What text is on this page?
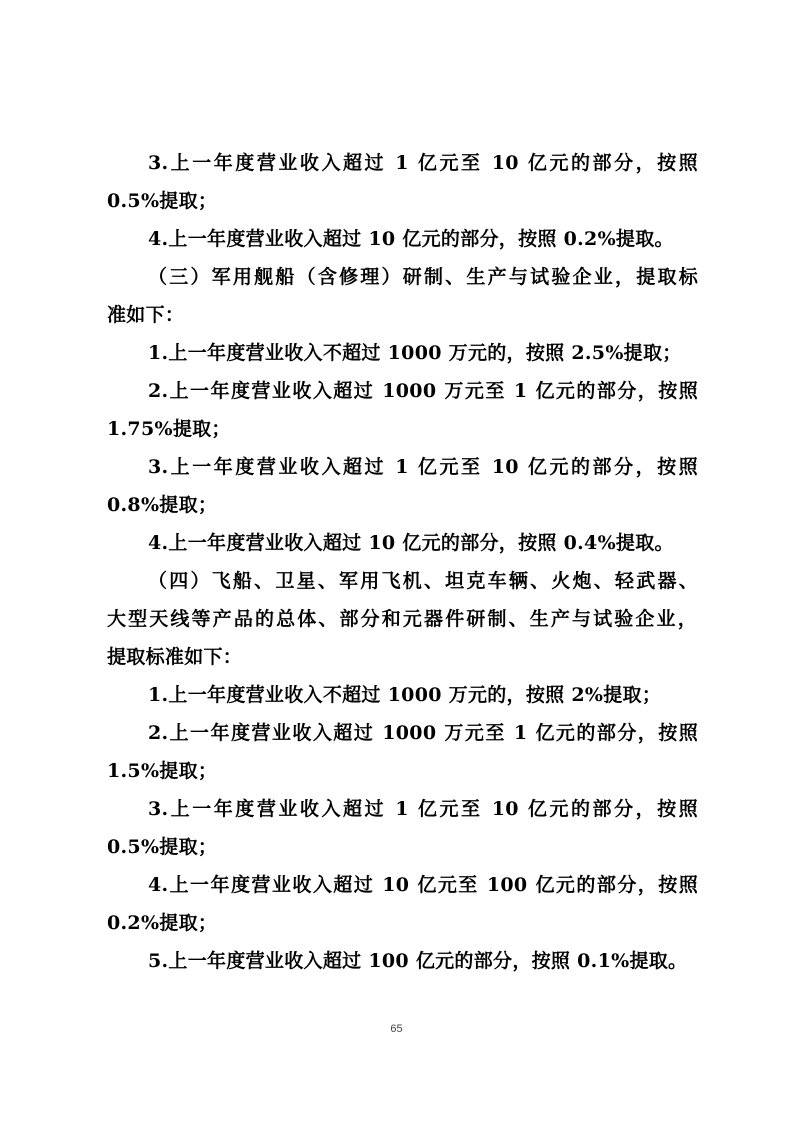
3.上一年度营业收入超过 1 亿元至 10 亿元的部分，按照
0.5%提取；
4.上一年度营业收入超过 10 亿元的部分，按照 0.2%提取。
（三）军用舰船（含修理）研制、生产与试验企业，提取标
准如下：
1.上一年度营业收入不超过 1000 万元的，按照 2.5%提取；
2.上一年度营业收入超过 1000 万元至 1 亿元的部分，按照
1.75%提取；
3.上一年度营业收入超过 1 亿元至 10 亿元的部分，按照
0.8%提取；
4.上一年度营业收入超过 10 亿元的部分，按照 0.4%提取。
（四）飞船、卫星、军用飞机、坦克车辆、火炮、轻武器、
大型天线等产品的总体、部分和元器件研制、生产与试验企业，
提取标准如下：
1.上一年度营业收入不超过 1000 万元的，按照 2%提取；
2.上一年度营业收入超过 1000 万元至 1 亿元的部分，按照
1.5%提取；
3.上一年度营业收入超过 1 亿元至 10 亿元的部分，按照
0.5%提取；
4.上一年度营业收入超过 10 亿元至 100 亿元的部分，按照
0.2%提取；
5.上一年度营业收入超过 100 亿元的部分，按照 0.1%提取。
65
